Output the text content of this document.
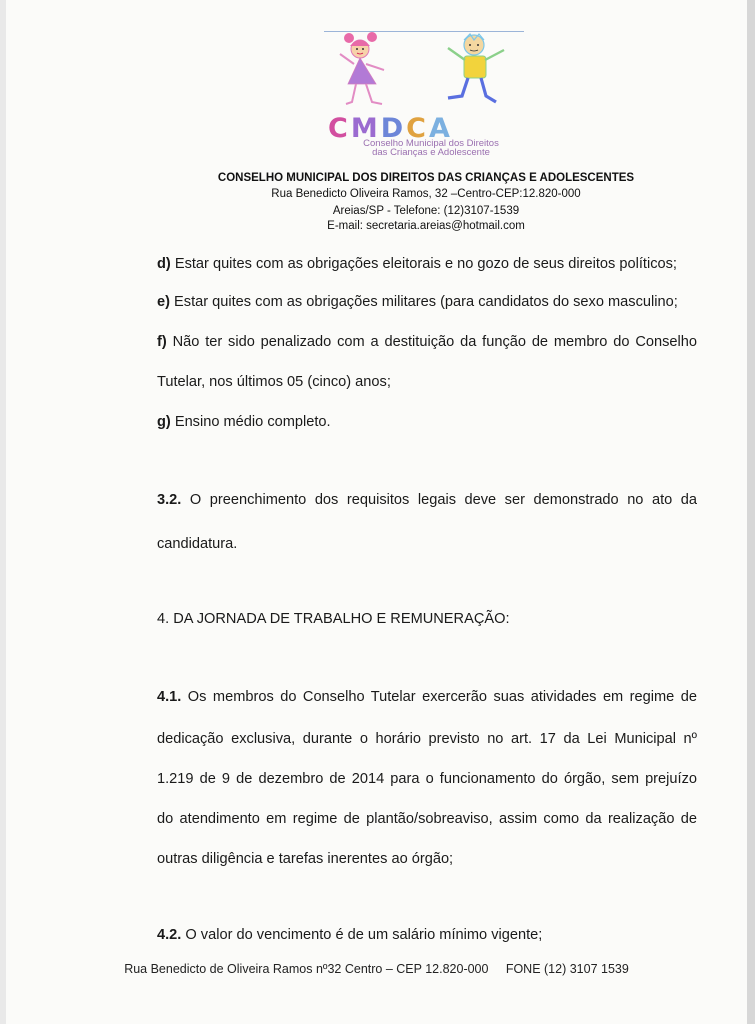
CMDCA
Conselho Municipal dos Direitos
das Crianças e Adolescente
CONSELHO MUNICIPAL DOS DIREITOS DAS CRIANÇAS E ADOLESCENTES
Rua Benedicto Oliveira Ramos, 32 –Centro-CEP:12.820-000
Areias/SP - Telefone: (12)3107-1539
E-mail: secretaria.areias@hotmail.com
d) Estar quites com as obrigações eleitorais e no gozo de seus direitos políticos;
e) Estar quites com as obrigações militares (para candidatos do sexo masculino;
f) Não ter sido penalizado com a destituição da função de membro do Conselho
Tutelar, nos últimos 05 (cinco) anos;
g) Ensino médio completo.
3.2. O preenchimento dos requisitos legais deve ser demonstrado no ato da
candidatura.
4. DA JORNADA DE TRABALHO E REMUNERAÇÃO:
4.1. Os membros do Conselho Tutelar exercerão suas atividades em regime de
dedicação exclusiva, durante o horário previsto no art. 17 da Lei Municipal nº
1.219 de 9 de dezembro de 2014 para o funcionamento do órgão, sem prejuízo
do atendimento em regime de plantão/sobreaviso, assim como da realização de
outras diligência e tarefas inerentes ao órgão;
4.2. O valor do vencimento é de um salário mínimo vigente;
Rua Benedicto de Oliveira Ramos nº32 Centro – CEP 12.820-000     FONE (12) 3107 1539
